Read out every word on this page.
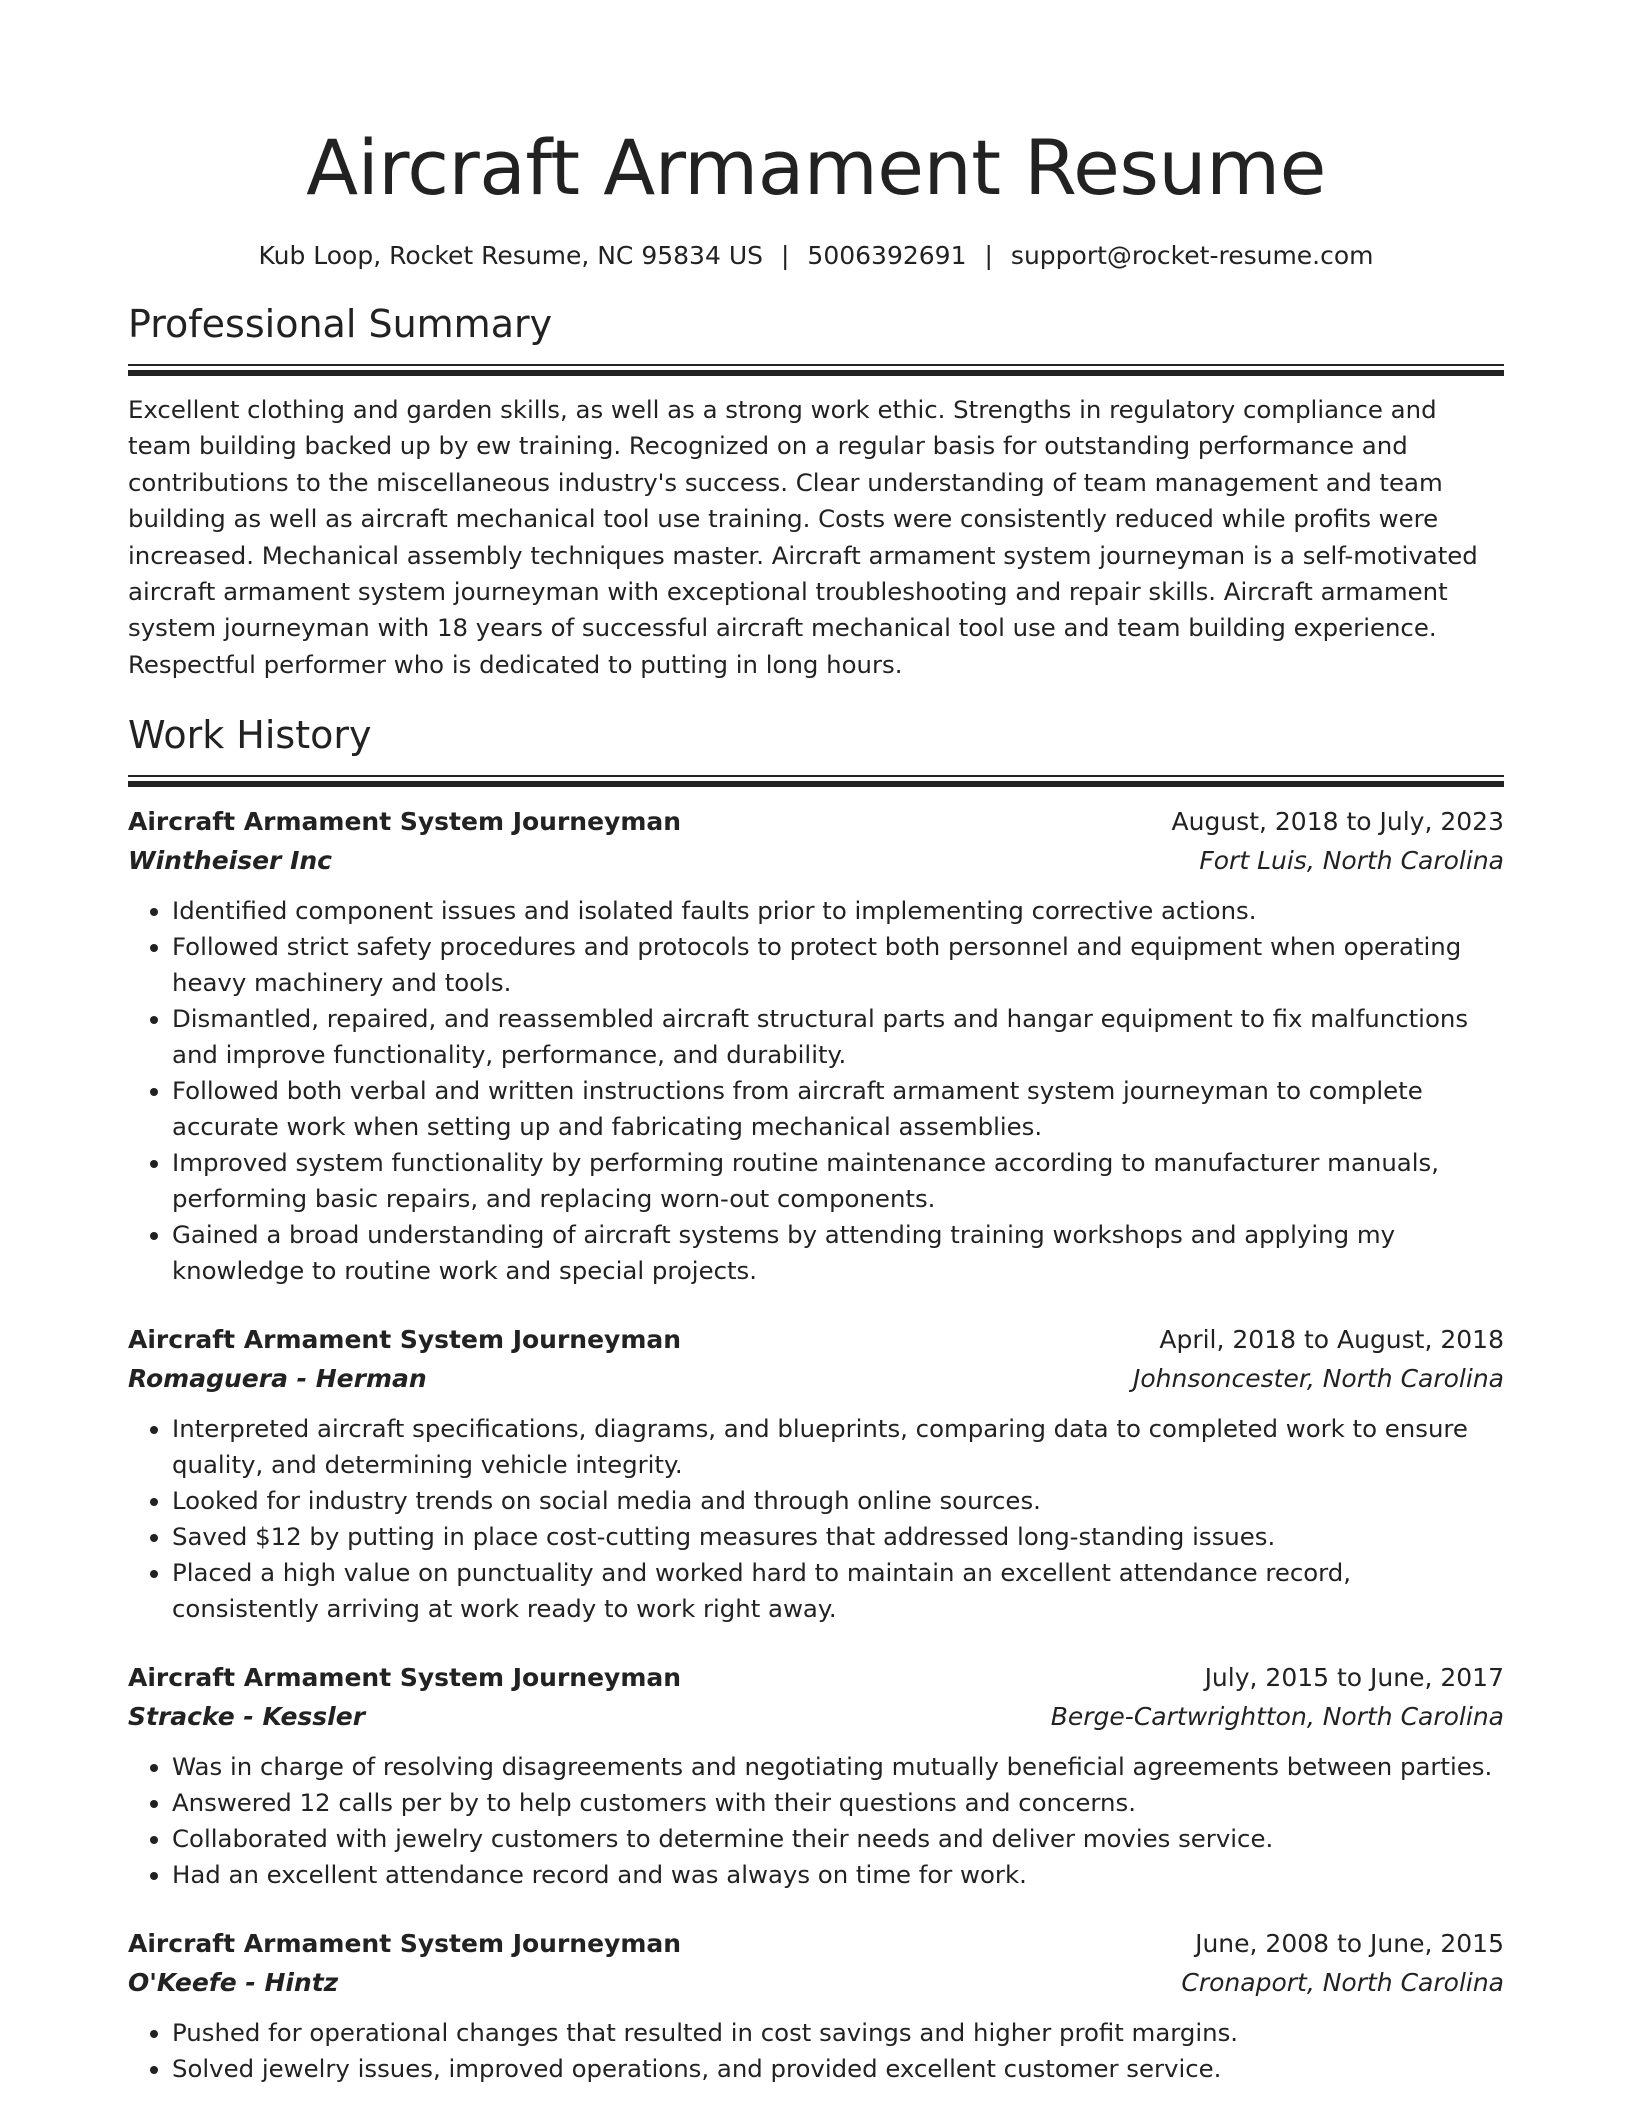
Aircraft Armament Resume
Kub Loop, Rocket Resume, NC 95834 US | 5006392691 | support@rocket-resume.com
Professional Summary

Excellent clothing and garden skills, as well as a strong work ethic. Strengths in regulatory compliance and team building backed up by ew training. Recognized on a regular basis for outstanding performance and contributions to the miscellaneous industry's success. Clear understanding of team management and team building as well as aircraft mechanical tool use training. Costs were consistently reduced while profits were increased. Mechanical assembly techniques master. Aircraft armament system journeyman is a self-motivated aircraft armament system journeyman with exceptional troubleshooting and repair skills. Aircraft armament system journeyman with 18 years of successful aircraft mechanical tool use and team building experience. Respectful performer who is dedicated to putting in long hours.

Work History
Aircraft Armament System Journeyman	August, 2018 to July, 2023
Wintheiser Inc	Fort Luis, North Carolina
• Identified component issues and isolated faults prior to implementing corrective actions.
• Followed strict safety procedures and protocols to protect both personnel and equipment when operating heavy machinery and tools.
• Dismantled, repaired, and reassembled aircraft structural parts and hangar equipment to fix malfunctions and improve functionality, performance, and durability.
• Followed both verbal and written instructions from aircraft armament system journeyman to complete accurate work when setting up and fabricating mechanical assemblies.
• Improved system functionality by performing routine maintenance according to manufacturer manuals, performing basic repairs, and replacing worn-out components.
• Gained a broad understanding of aircraft systems by attending training workshops and applying my knowledge to routine work and special projects.
Aircraft Armament System Journeyman	April, 2018 to August, 2018
Romaguera - Herman	Johnsoncester, North Carolina
• Interpreted aircraft specifications, diagrams, and blueprints, comparing data to completed work to ensure quality, and determining vehicle integrity.
• Looked for industry trends on social media and through online sources.
• Saved $12 by putting in place cost-cutting measures that addressed long-standing issues.
• Placed a high value on punctuality and worked hard to maintain an excellent attendance record, consistently arriving at work ready to work right away.
Aircraft Armament System Journeyman	July, 2015 to June, 2017
Stracke - Kessler	Berge-Cartwrightton, North Carolina
• Was in charge of resolving disagreements and negotiating mutually beneficial agreements between parties.
• Answered 12 calls per by to help customers with their questions and concerns.
• Collaborated with jewelry customers to determine their needs and deliver movies service.
• Had an excellent attendance record and was always on time for work.
Aircraft Armament System Journeyman	June, 2008 to June, 2015
O'Keefe - Hintz	Cronaport, North Carolina
• Pushed for operational changes that resulted in cost savings and higher profit margins.
• Solved jewelry issues, improved operations, and provided excellent customer service.
